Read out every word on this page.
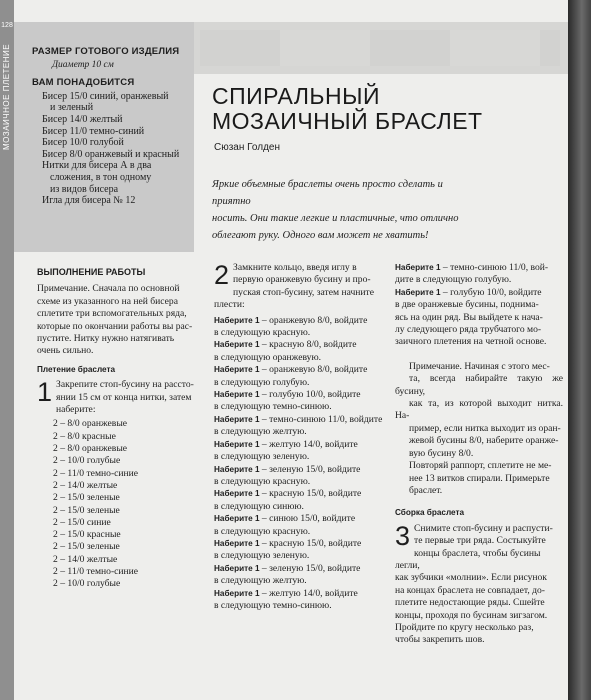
128
МОЗАИЧНОЕ ПЛЕТЕНИЕ РАЗМЕР ГОТОВОГО ИЗДЕЛИЯ
Диаметр 10 см
ВАМ ПОНАДОБИТСЯ
Бисер 15/0 синий, оранжевый
и зеленый
Бисер 14/0 желтый
Бисер 11/0 темно-синий
Бисер 10/0 голубой
Бисер 8/0 оранжевый и красный
Нитки для бисера А в два
сложения, в тон одному
из видов бисера
Игла для бисера № 12
СПИРАЛЬНЫЙ
МОЗАИЧНЫЙ БРАСЛЕТ
Сюзан Голден
Яркие объемные браслеты очень просто сделать и приятно
носить. Они такие легкие и пластичные, что отлично
облегают руку. Одного вам может не хватить!
ВЫПОЛНЕНИЕ РАБОТЫ
Примечание. Сначала по основной
схеме из указанного на ней бисера
сплетите три вспомогательных ряда,
которые по окончании работы вы рас-
пустите. Нитку нужно натягивать
очень сильно.
Плетение браслета
1 Закрепите стоп-бусину на рассто-
янии 15 см от конца нитки, затем
наберите:
2 – 8/0 оранжевые
2 – 8/0 красные
2 – 8/0 оранжевые
2 – 10/0 голубые
2 – 11/0 темно-синие
2 – 14/0 желтые
2 – 15/0 зеленые
2 – 15/0 зеленые
2 – 15/0 синие
2 – 15/0 красные
2 – 15/0 зеленые
2 – 14/0 желтые
2 – 11/0 темно-синие
2 – 10/0 голубые
2 Замкните кольцо, введя иглу в
первую оранжевую бусину и про-
пуская стоп-бусину, затем начните
плести:
Наберите 1 – оранжевую 8/0, войдите
в следующую красную.
Наберите 1 – красную 8/0, войдите
в следующую оранжевую.
Наберите 1 – оранжевую 8/0, войдите
в следующую голубую.
Наберите 1 – голубую 10/0, войдите
в следующую темно-синюю.
Наберите 1 – темно-синюю 11/0, войдите
в следующую желтую.
Наберите 1 – желтую 14/0, войдите
в следующую зеленую.
Наберите 1 – зеленую 15/0, войдите
в следующую красную.
Наберите 1 – красную 15/0, войдите
в следующую синюю.
Наберите 1 – синюю 15/0, войдите
в следующую красную.
Наберите 1 – красную 15/0, войдите
в следующую зеленую.
Наберите 1 – зеленую 15/0, войдите
в следующую желтую.
Наберите 1 – желтую 14/0, войдите
в следующую темно-синюю.
Наберите 1 – темно-синюю 11/0, вой-
дите в следующую голубую.
Наберите 1 – голубую 10/0, войдите
в две оранжевые бусины, поднима-
ясь на один ряд. Вы выйдете к нача-
лу следующего ряда трубчатого мо-
заичного плетения на четной основе.
Примечание. Начиная с этого мес-
та, всегда набирайте такую же бусину,
как та, из которой выходит нитка. На-
пример, если нитка выходит из оран-
жевой бусины 8/0, наберите оранже-
вую бусину 8/0.
Повторяй раппорт, сплетите не ме-
нее 13 витков спирали. Примерьте
браслет.
Сборка браслета
3 Снимите стоп-бусину и распусти-
те первые три ряда. Состыкуйте
концы браслета, чтобы бусины легли,
как зубчики «молнии». Если рисунок
на концах браслета не совпадает, до-
плетите недостающие ряды. Сшейте
концы, проходя по бусинам зигзагом.
Пройдите по кругу несколько раз,
чтобы закрепить шов.
